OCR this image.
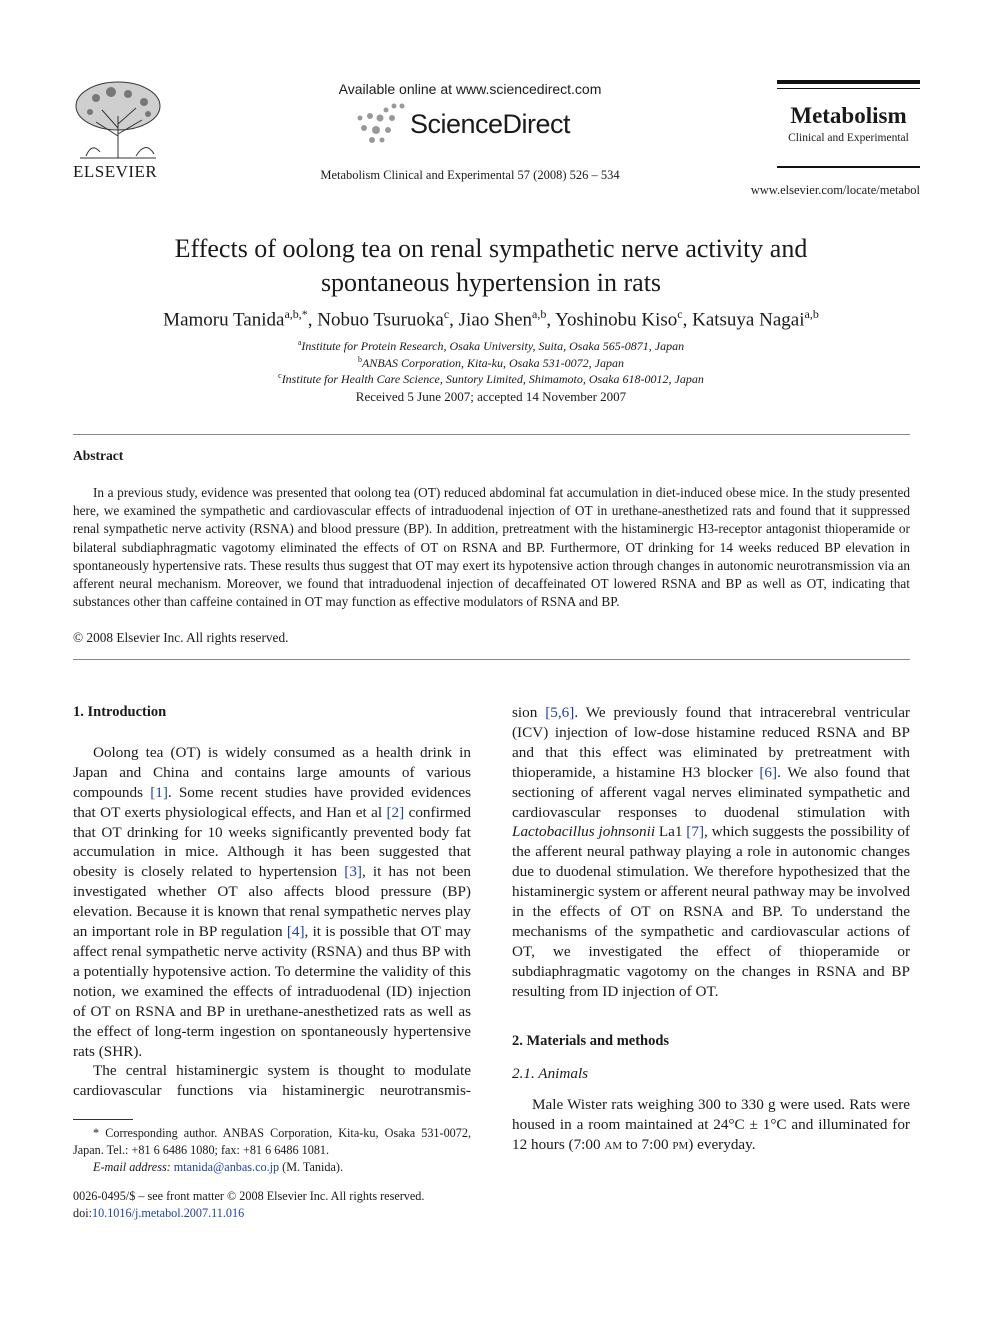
ELSEVIER
Available online at www.sciencedirect.com
ScienceDirect
Metabolism Clinical and Experimental 57 (2008) 526 – 534
Metabolism
Clinical and Experimental
www.elsevier.com/locate/metabol
Effects of oolong tea on renal sympathetic nerve activity and
spontaneous hypertension in rats
Mamoru Tanida$^{a,b,*}$, Nobuo Tsuruoka$^c$, Jiao Shen$^{a,b}$, Yoshinobu Kiso$^c$, Katsuya Nagai$^{a,b}$
$^a$Institute for Protein Research, Osaka University, Suita, Osaka 565-0871, Japan
$^b$ANBAS Corporation, Kita-ku, Osaka 531-0072, Japan
$^c$Institute for Health Care Science, Suntory Limited, Shimamoto, Osaka 618-0012, Japan
Received 5 June 2007; accepted 14 November 2007
Abstract
In a previous study, evidence was presented that oolong tea (OT) reduced abdominal fat accumulation in diet-induced obese mice. In the study presented here, we examined the sympathetic and cardiovascular effects of intraduodenal injection of OT in urethane-anesthetized rats and found that it suppressed renal sympathetic nerve activity (RSNA) and blood pressure (BP). In addition, pretreatment with the histaminergic H3-receptor antagonist thioperamide or bilateral subdiaphragmatic vagotomy eliminated the effects of OT on RSNA and BP. Furthermore, OT drinking for 14 weeks reduced BP elevation in spontaneously hypertensive rats. These results thus suggest that OT may exert its hypotensive action through changes in autonomic neurotransmission via an afferent neural mechanism. Moreover, we found that intraduodenal injection of decaffeinated OT lowered RSNA and BP as well as OT, indicating that substances other than caffeine contained in OT may function as effective modulators of RSNA and BP.
© 2008 Elsevier Inc. All rights reserved.

1. Introduction

Oolong tea (OT) is widely consumed as a health drink in Japan and China and contains large amounts of various compounds [1]. Some recent studies have provided evidences that OT exerts physiological effects, and Han et al [2] confirmed that OT drinking for 10 weeks significantly prevented body fat accumulation in mice. Although it has been suggested that obesity is closely related to hypertension [3], it has not been investigated whether OT also affects blood pressure (BP) elevation. Because it is known that renal sympathetic nerves play an important role in BP regulation [4], it is possible that OT may affect renal sympathetic nerve activity (RSNA) and thus BP with a potentially hypotensive action. To determine the validity of this notion, we examined the effects of intraduodenal (ID) injection of OT on RSNA and BP in urethane-anesthetized rats as well as the effect of long-term ingestion on spontaneously hypertensive rats (SHR).

The central histaminergic system is thought to modulate cardiovascular functions via histaminergic neurotransmis-

* Corresponding author. ANBAS Corporation, Kita-ku, Osaka 531-0072, Japan. Tel.: +81 6 6486 1080; fax: +81 6 6486 1081.

E-mail address: mtanida@anbas.co.jp (M. Tanida).

0026-0495/$ – see front matter © 2008 Elsevier Inc. All rights reserved.

doi:10.1016/j.metabol.2007.11.016

sion [5,6]. We previously found that intracerebral ventricular (ICV) injection of low-dose histamine reduced RSNA and BP and that this effect was eliminated by pretreatment with thioperamide, a histamine H3 blocker [6]. We also found that sectioning of afferent vagal nerves eliminated sympathetic and cardiovascular responses to duodenal stimulation with Lactobacillus johnsonii La1 [7], which suggests the possibility of the afferent neural pathway playing a role in autonomic changes due to duodenal stimulation. We therefore hypothesized that the histaminergic system or afferent neural pathway may be involved in the effects of OT on RSNA and BP. To understand the mechanisms of the sympathetic and cardiovascular actions of OT, we investigated the effect of thioperamide or subdiaphragmatic vagotomy on the changes in RSNA and BP resulting from ID injection of OT.

2. Materials and methods

2.1. Animals

Male Wister rats weighing 300 to 330 g were used. Rats were housed in a room maintained at 24°C ± 1°C and illuminated for 12 hours (7:00 am to 7:00 pm) everyday.
